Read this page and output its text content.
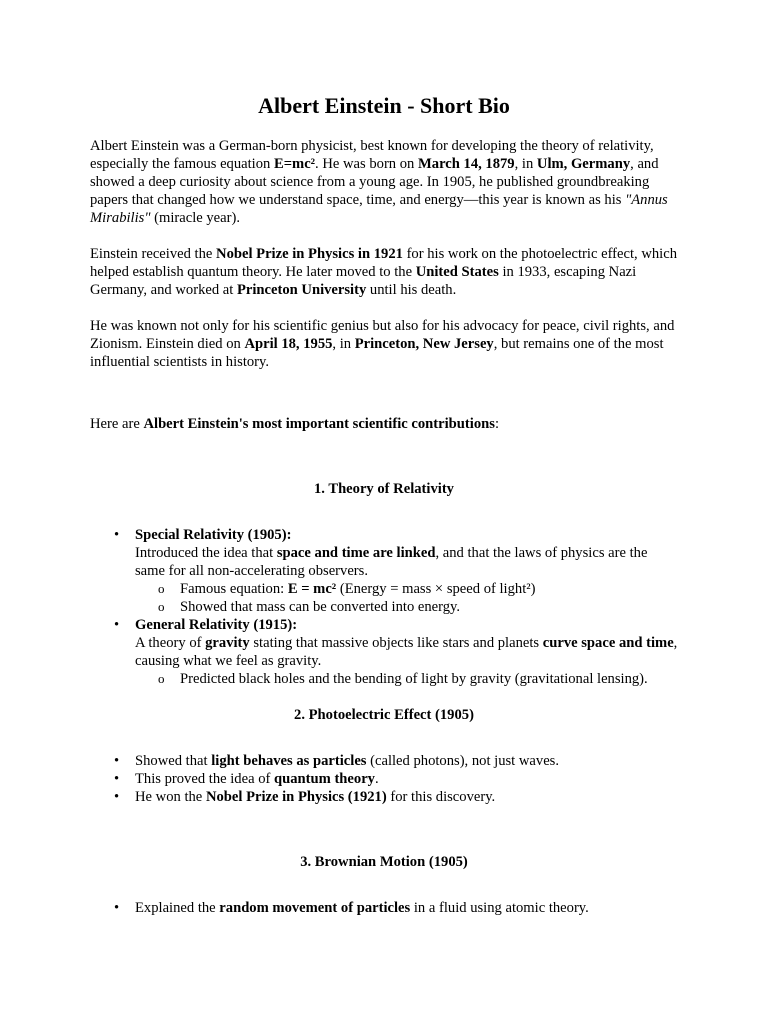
Albert Einstein - Short Bio

Albert Einstein was a German-born physicist, best known for developing the theory of relativity, especially the famous equation E=mc². He was born on March 14, 1879, in Ulm, Germany, and showed a deep curiosity about science from a young age. In 1905, he published groundbreaking papers that changed how we understand space, time, and energy—this year is known as his "Annus Mirabilis" (miracle year).

Einstein received the Nobel Prize in Physics in 1921 for his work on the photoelectric effect, which helped establish quantum theory. He later moved to the United States in 1933, escaping Nazi Germany, and worked at Princeton University until his death.

He was known not only for his scientific genius but also for his advocacy for peace, civil rights, and Zionism. Einstein died on April 18, 1955, in Princeton, New Jersey, but remains one of the most influential scientists in history.

Here are Albert Einstein's most important scientific contributions:

1. Theory of Relativity

• Special Relativity (1905):
Introduced the idea that space and time are linked, and that the laws of physics are the same for all non-accelerating observers.
o Famous equation: E = mc² (Energy = mass × speed of light²)
o Showed that mass can be converted into energy.
• General Relativity (1915):
A theory of gravity stating that massive objects like stars and planets curve space and time, causing what we feel as gravity.
o Predicted black holes and the bending of light by gravity (gravitational lensing).

2. Photoelectric Effect (1905)

• Showed that light behaves as particles (called photons), not just waves.
• This proved the idea of quantum theory.
• He won the Nobel Prize in Physics (1921) for this discovery.

3. Brownian Motion (1905)

• Explained the random movement of particles in a fluid using atomic theory.
